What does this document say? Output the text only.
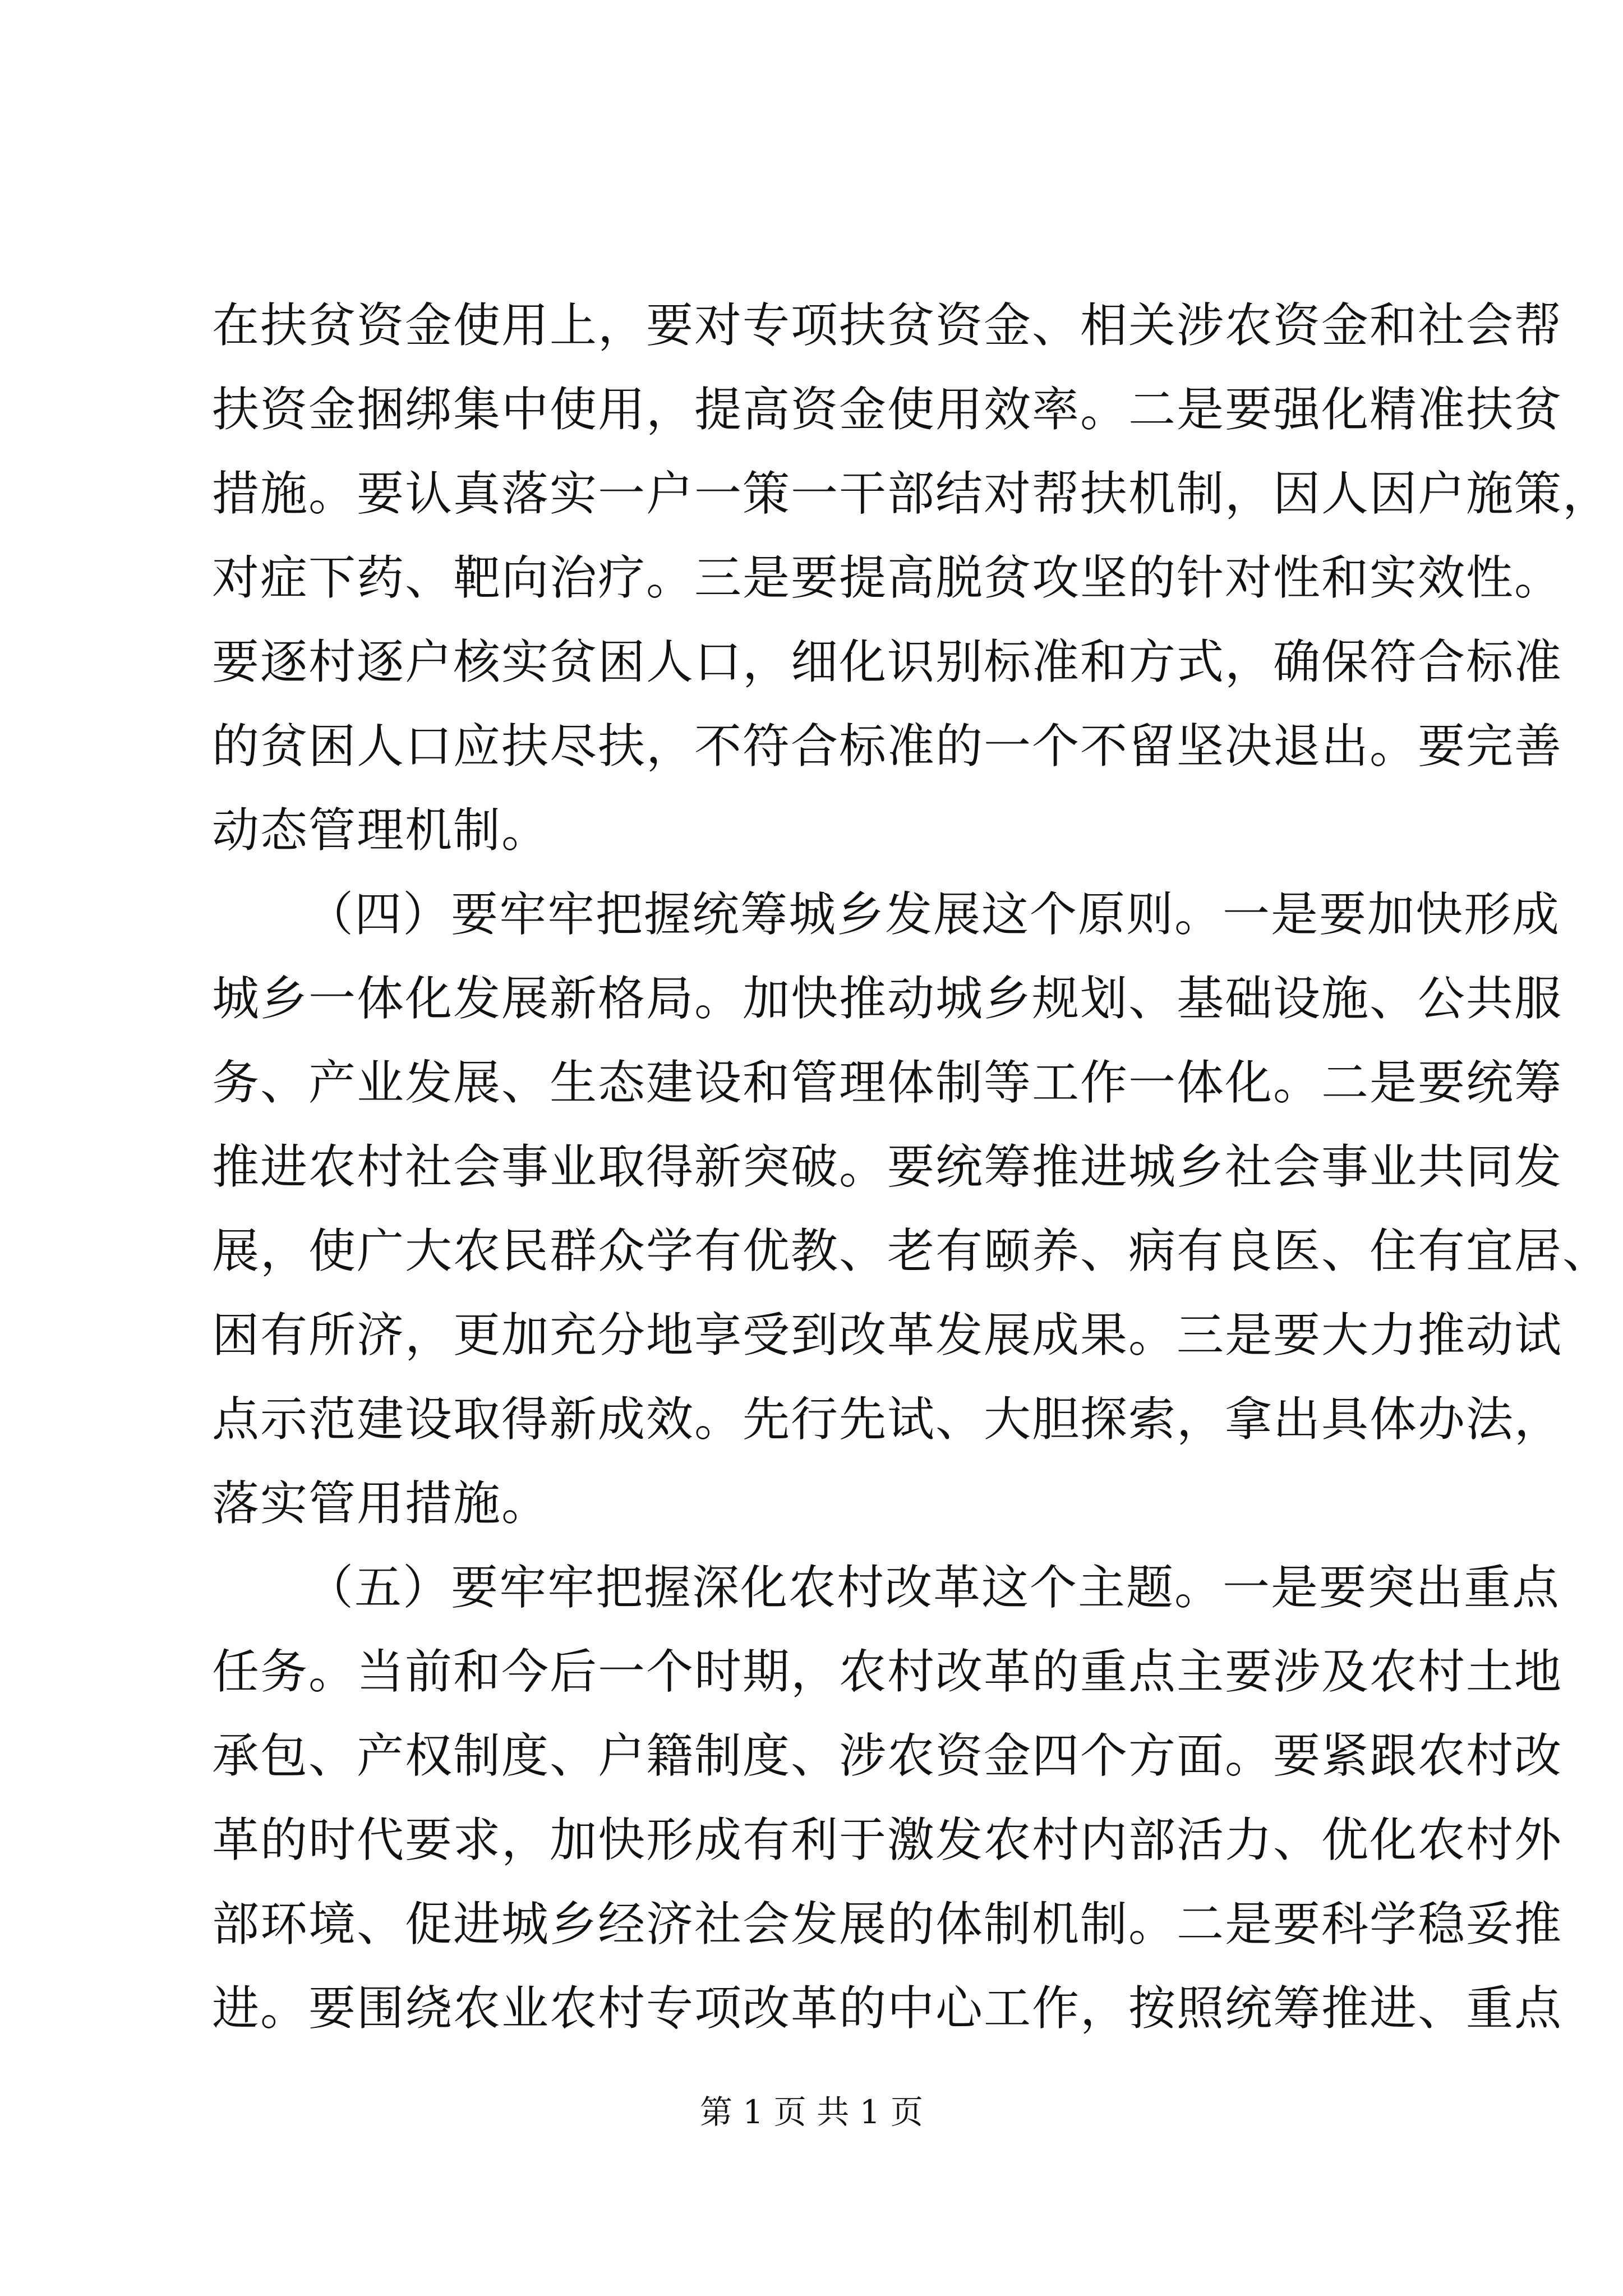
在扶贫资金使用上，要对专项扶贫资金、相关涉农资金和社会帮
扶资金捆绑集中使用，提高资金使用效率。二是要强化精准扶贫
措施。要认真落实一户一策一干部结对帮扶机制，因人因户施策，
对症下药、靶向治疗。三是要提高脱贫攻坚的针对性和实效性。
要逐村逐户核实贫困人口，细化识别标准和方式，确保符合标准
的贫困人口应扶尽扶，不符合标准的一个不留坚决退出。要完善
动态管理机制。
（四）要牢牢把握统筹城乡发展这个原则。一是要加快形成
城乡一体化发展新格局。加快推动城乡规划、基础设施、公共服
务、产业发展、生态建设和管理体制等工作一体化。二是要统筹
推进农村社会事业取得新突破。要统筹推进城乡社会事业共同发
展，使广大农民群众学有优教、老有颐养、病有良医、住有宜居、
困有所济，更加充分地享受到改革发展成果。三是要大力推动试
点示范建设取得新成效。先行先试、大胆探索，拿出具体办法，
落实管用措施。
（五）要牢牢把握深化农村改革这个主题。一是要突出重点
任务。当前和今后一个时期，农村改革的重点主要涉及农村土地
承包、产权制度、户籍制度、涉农资金四个方面。要紧跟农村改
革的时代要求，加快形成有利于激发农村内部活力、优化农村外
部环境、促进城乡经济社会发展的体制机制。二是要科学稳妥推
进。要围绕农业农村专项改革的中心工作，按照统筹推进、重点
第 1 页 共 1 页
